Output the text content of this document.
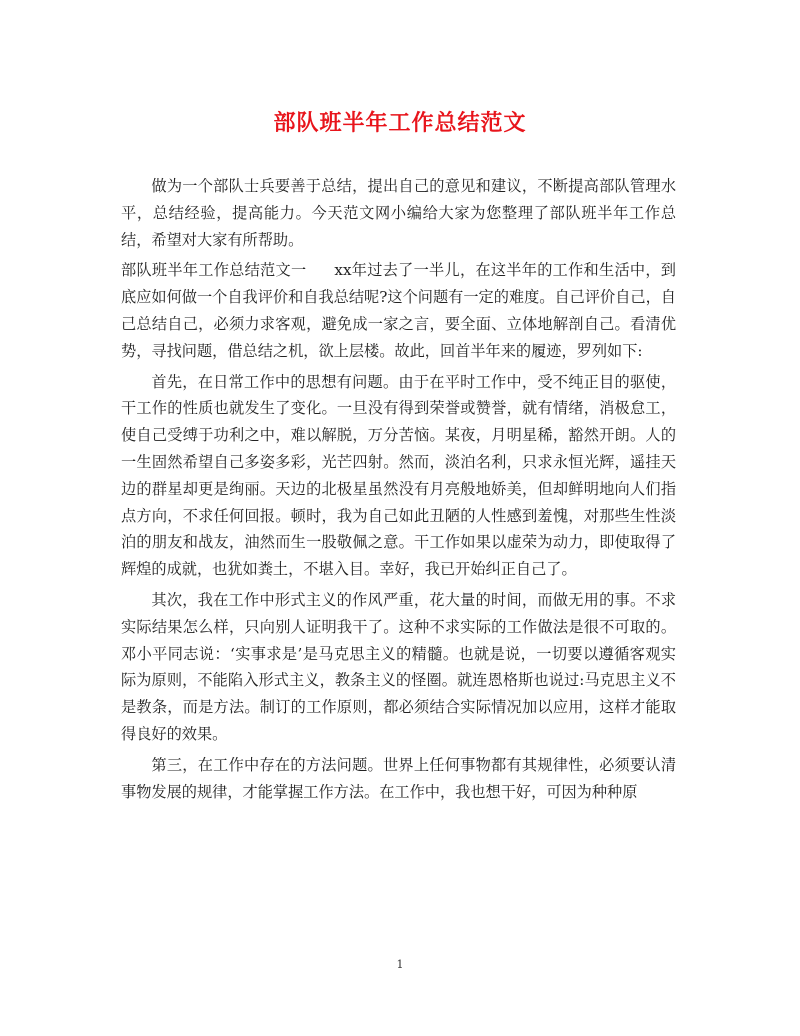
部队班半年工作总结范文

做为一个部队士兵要善于总结，提出自己的意见和建议，不断提高部队管理水平，总结经验，提高能力。今天范文网小编给大家为您整理了部队班半年工作总结，希望对大家有所帮助。

部队班半年工作总结范文一 xx年过去了一半儿，在这半年的工作和生活中，到底应如何做一个自我评价和自我总结呢?这个问题有一定的难度。自己评价自己，自己总结自己，必须力求客观，避免成一家之言，要全面、立体地解剖自己。看清优势，寻找问题，借总结之机，欲上层楼。故此，回首半年来的履迹，罗列如下:

首先，在日常工作中的思想有问题。由于在平时工作中，受不纯正目的驱使，干工作的性质也就发生了变化。一旦没有得到荣誉或赞誉，就有情绪，消极怠工，使自己受缚于功利之中，难以解脱，万分苦恼。某夜，月明星稀，豁然开朗。人的一生固然希望自己多姿多彩，光芒四射。然而，淡泊名利，只求永恒光辉，遥挂天边的群星却更是绚丽。天边的北极星虽然没有月亮般地娇美，但却鲜明地向人们指点方向，不求任何回报。顿时，我为自己如此丑陋的人性感到羞愧，对那些生性淡泊的朋友和战友，油然而生一股敬佩之意。干工作如果以虚荣为动力，即使取得了辉煌的成就，也犹如粪土，不堪入目。幸好，我已开始纠正自己了。

其次，我在工作中形式主义的作风严重，花大量的时间，而做无用的事。不求实际结果怎么样，只向别人证明我干了。这种不求实际的工作做法是很不可取的。邓小平同志说：‘实事求是’是马克思主义的精髓。也就是说，一切要以遵循客观实际为原则，不能陷入形式主义，教条主义的怪圈。就连恩格斯也说过:马克思主义不是教条，而是方法。制订的工作原则，都必须结合实际情况加以应用，这样才能取得良好的效果。

第三，在工作中存在的方法问题。世界上任何事物都有其规律性，必须要认清事物发展的规律，才能掌握工作方法。在工作中，我也想干好，可因为种种原

1
